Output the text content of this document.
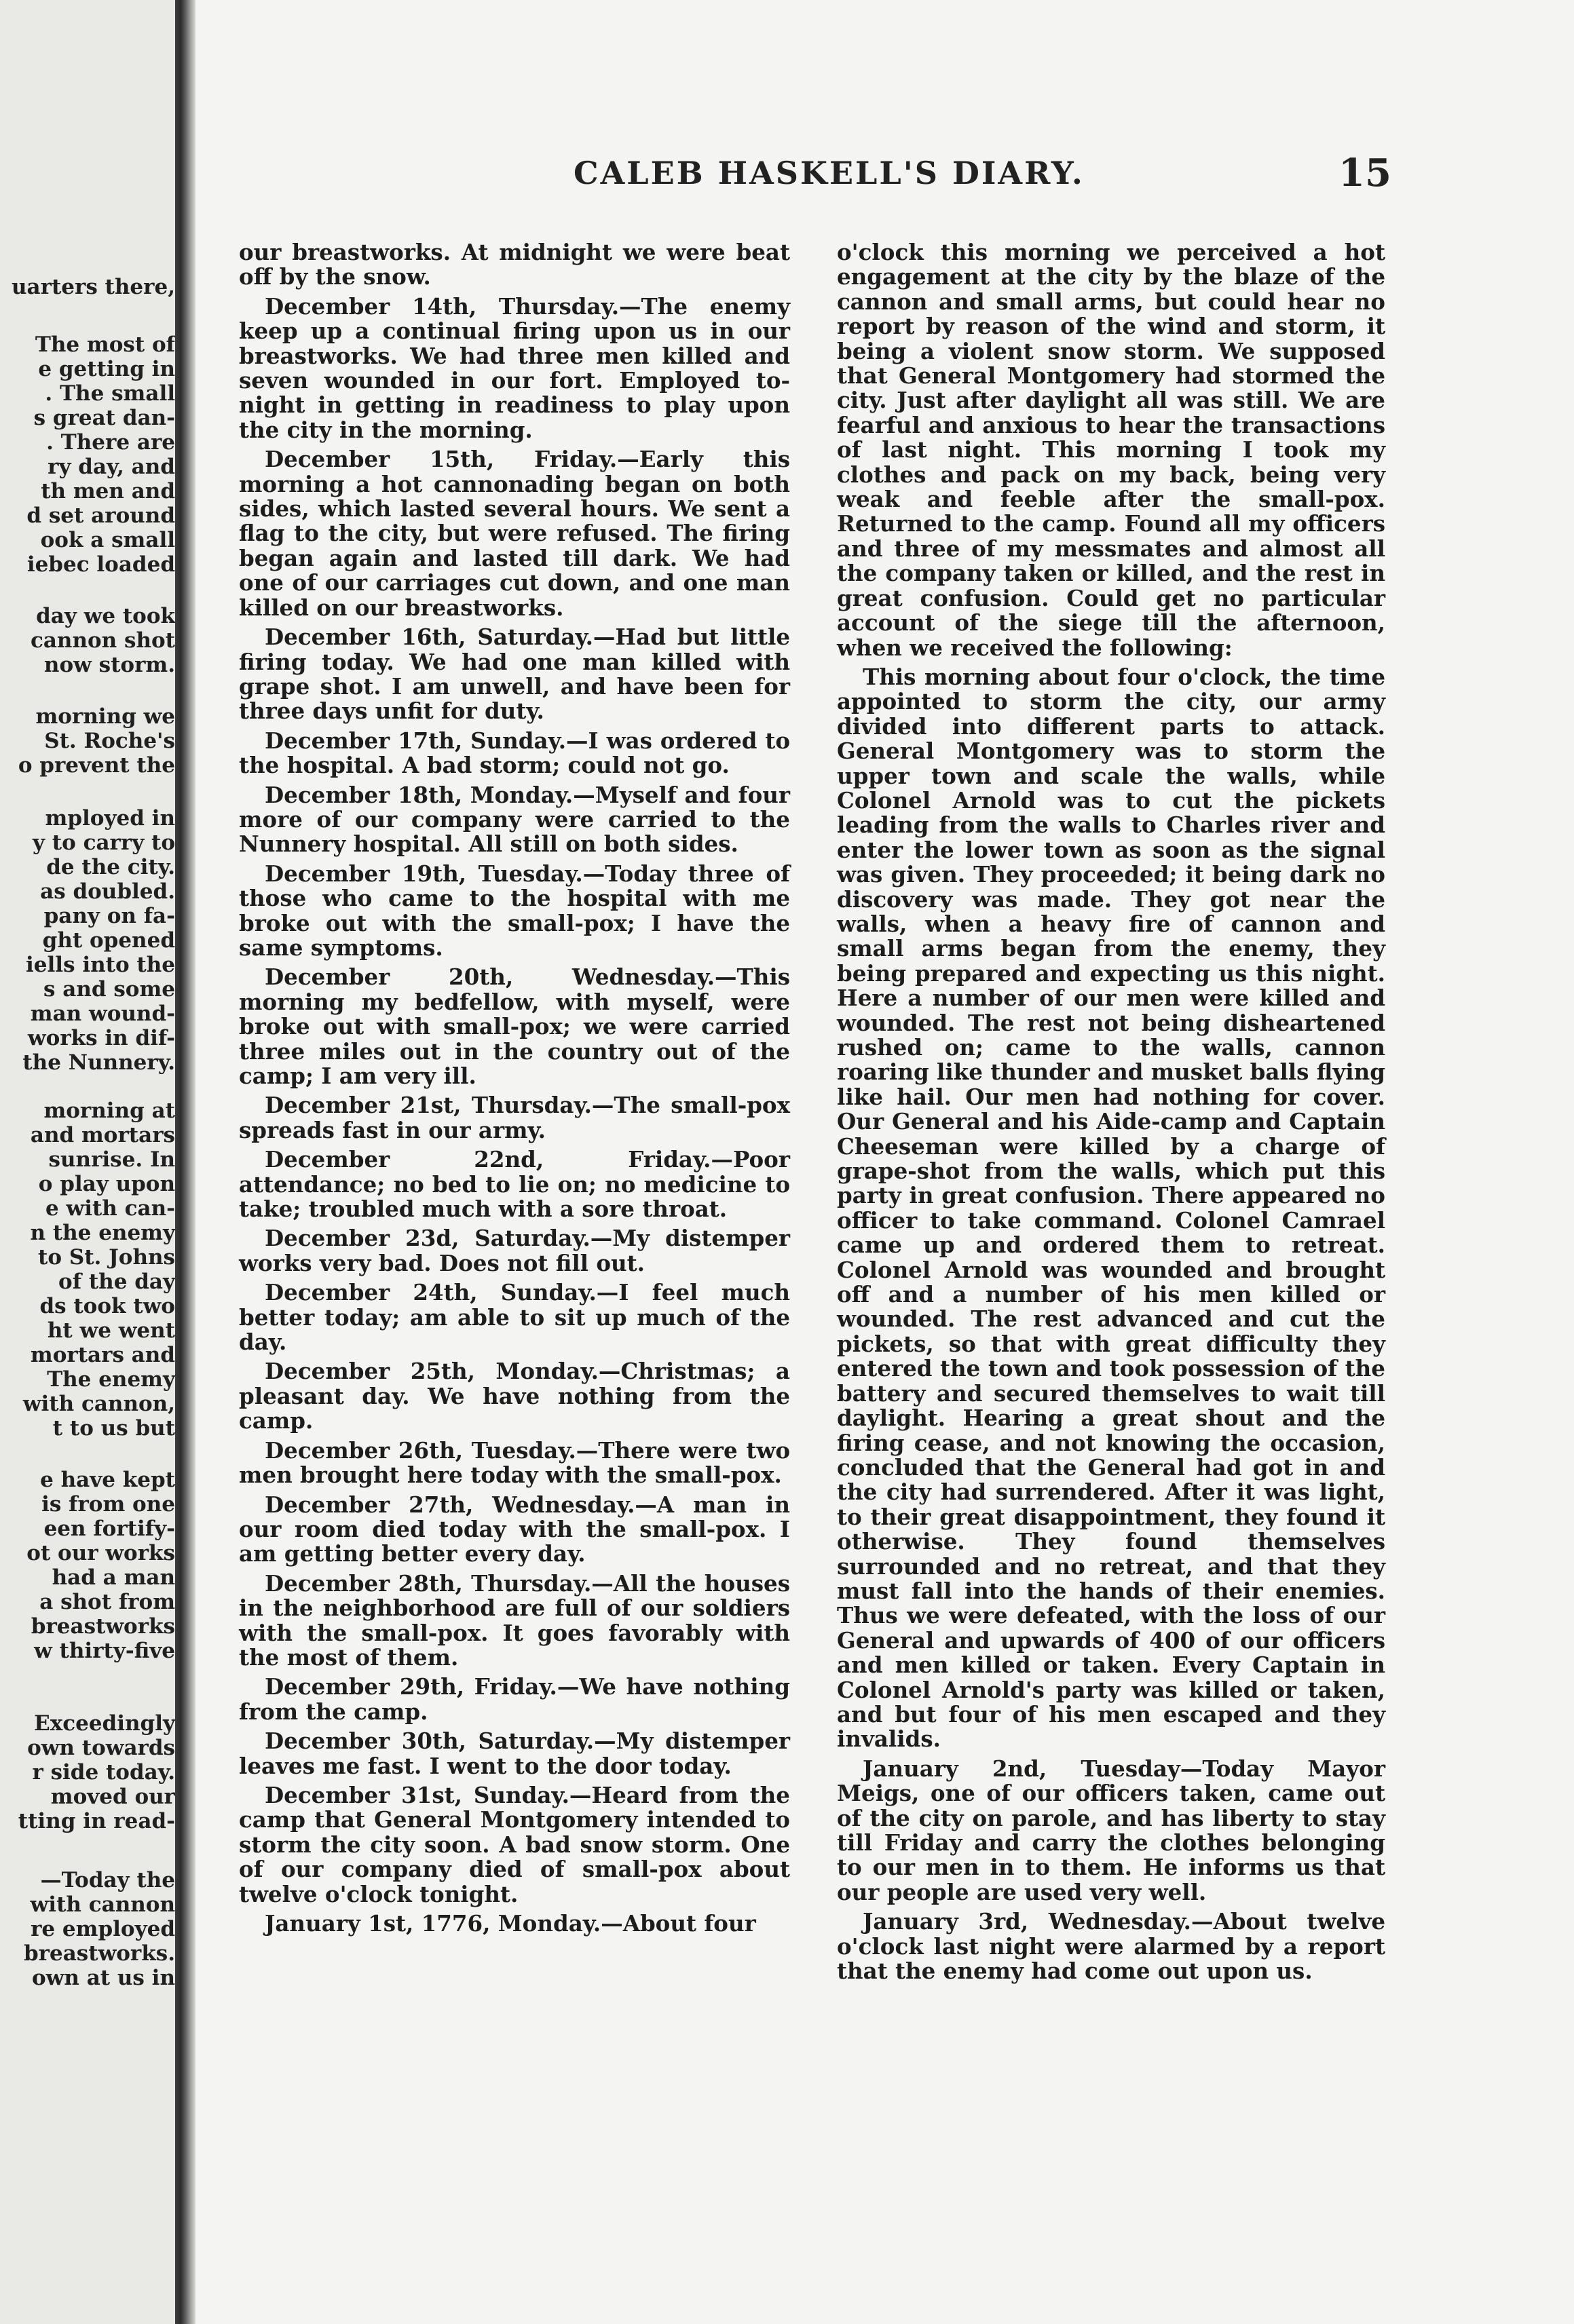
uarters there,
The most of
e getting in
. The small
s great dan-
. There are
ry day, and
th men and
d set around
ook a small
iebec loaded
day we took
cannon shot
now storm.
morning we
St. Roche's
o prevent the
mployed in
y to carry to
de the city.
as doubled.
pany on fa-
ght opened
iells into the
s and some
man wound-
works in dif-
the Nunnery.
morning at
and mortars
sunrise. In
o play upon
e with can-
n the enemy
to St. Johns
of the day
ds took two
ht we went
mortars and
The enemy
with cannon,
t to us but
e have kept
is from one
een fortify-
ot our works
had a man
a shot from
breastworks
w thirty-five
Exceedingly
own towards
r side today.
moved our
tting in read-
—Today the
with cannon
re employed
breastworks.
own at us in
CALEB HASKELL'S DIARY.	15

our breastworks. At midnight we were beat off by the snow.

December 14th, Thursday.—The enemy keep up a continual firing upon us in our breastworks. We had three men killed and seven wounded in our fort. Employed to-night in getting in readiness to play upon the city in the morning.

December 15th, Friday.—Early this morning a hot cannonading began on both sides, which lasted several hours. We sent a flag to the city, but were refused. The firing began again and lasted till dark. We had one of our carriages cut down, and one man killed on our breastworks.

December 16th, Saturday.—Had but little firing today. We had one man killed with grape shot. I am unwell, and have been for three days unfit for duty.

December 17th, Sunday.—I was ordered to the hospital. A bad storm; could not go.

December 18th, Monday.—Myself and four more of our company were carried to the Nunnery hospital. All still on both sides.

December 19th, Tuesday.—Today three of those who came to the hospital with me broke out with the small-pox; I have the same symptoms.

December 20th, Wednesday.—This morning my bedfellow, with myself, were broke out with small-pox; we were carried three miles out in the country out of the camp; I am very ill.

December 21st, Thursday.—The small-pox spreads fast in our army.

December 22nd, Friday.—Poor attendance; no bed to lie on; no medicine to take; troubled much with a sore throat.

December 23d, Saturday.—My distemper works very bad. Does not fill out.

December 24th, Sunday.—I feel much better today; am able to sit up much of the day.

December 25th, Monday.—Christmas; a pleasant day. We have nothing from the camp.

December 26th, Tuesday.—There were two men brought here today with the small-pox.

December 27th, Wednesday.—A man in our room died today with the small-pox. I am getting better every day.

December 28th, Thursday.—All the houses in the neighborhood are full of our soldiers with the small-pox. It goes favorably with the most of them.

December 29th, Friday.—We have nothing from the camp.

December 30th, Saturday.—My distemper leaves me fast. I went to the door today.

December 31st, Sunday.—Heard from the camp that General Montgomery intended to storm the city soon. A bad snow storm. One of our company died of small-pox about twelve o'clock tonight.

January 1st, 1776, Monday.—About four

o'clock this morning we perceived a hot engagement at the city by the blaze of the cannon and small arms, but could hear no report by reason of the wind and storm, it being a violent snow storm. We supposed that General Montgomery had stormed the city. Just after daylight all was still. We are fearful and anxious to hear the transactions of last night. This morning I took my clothes and pack on my back, being very weak and feeble after the small-pox. Returned to the camp. Found all my officers and three of my messmates and almost all the company taken or killed, and the rest in great confusion. Could get no particular account of the siege till the afternoon, when we received the following:

This morning about four o'clock, the time appointed to storm the city, our army divided into different parts to attack. General Montgomery was to storm the upper town and scale the walls, while Colonel Arnold was to cut the pickets leading from the walls to Charles river and enter the lower town as soon as the signal was given. They proceeded; it being dark no discovery was made. They got near the walls, when a heavy fire of cannon and small arms began from the enemy, they being prepared and expecting us this night. Here a number of our men were killed and wounded. The rest not being disheartened rushed on; came to the walls, cannon roaring like thunder and musket balls flying like hail. Our men had nothing for cover. Our General and his Aide-camp and Captain Cheeseman were killed by a charge of grape-shot from the walls, which put this party in great confusion. There appeared no officer to take command. Colonel Camrael came up and ordered them to retreat. Colonel Arnold was wounded and brought off and a number of his men killed or wounded. The rest advanced and cut the pickets, so that with great difficulty they entered the town and took possession of the battery and secured themselves to wait till daylight. Hearing a great shout and the firing cease, and not knowing the occasion, concluded that the General had got in and the city had surrendered. After it was light, to their great disappointment, they found it otherwise. They found themselves surrounded and no retreat, and that they must fall into the hands of their enemies. Thus we were defeated, with the loss of our General and upwards of 400 of our officers and men killed or taken. Every Captain in Colonel Arnold's party was killed or taken, and but four of his men escaped and they invalids.

January 2nd, Tuesday—Today Mayor Meigs, one of our officers taken, came out of the city on parole, and has liberty to stay till Friday and carry the clothes belonging to our men in to them. He informs us that our people are used very well.

January 3rd, Wednesday.—About twelve o'clock last night were alarmed by a report that the enemy had come out upon us.
